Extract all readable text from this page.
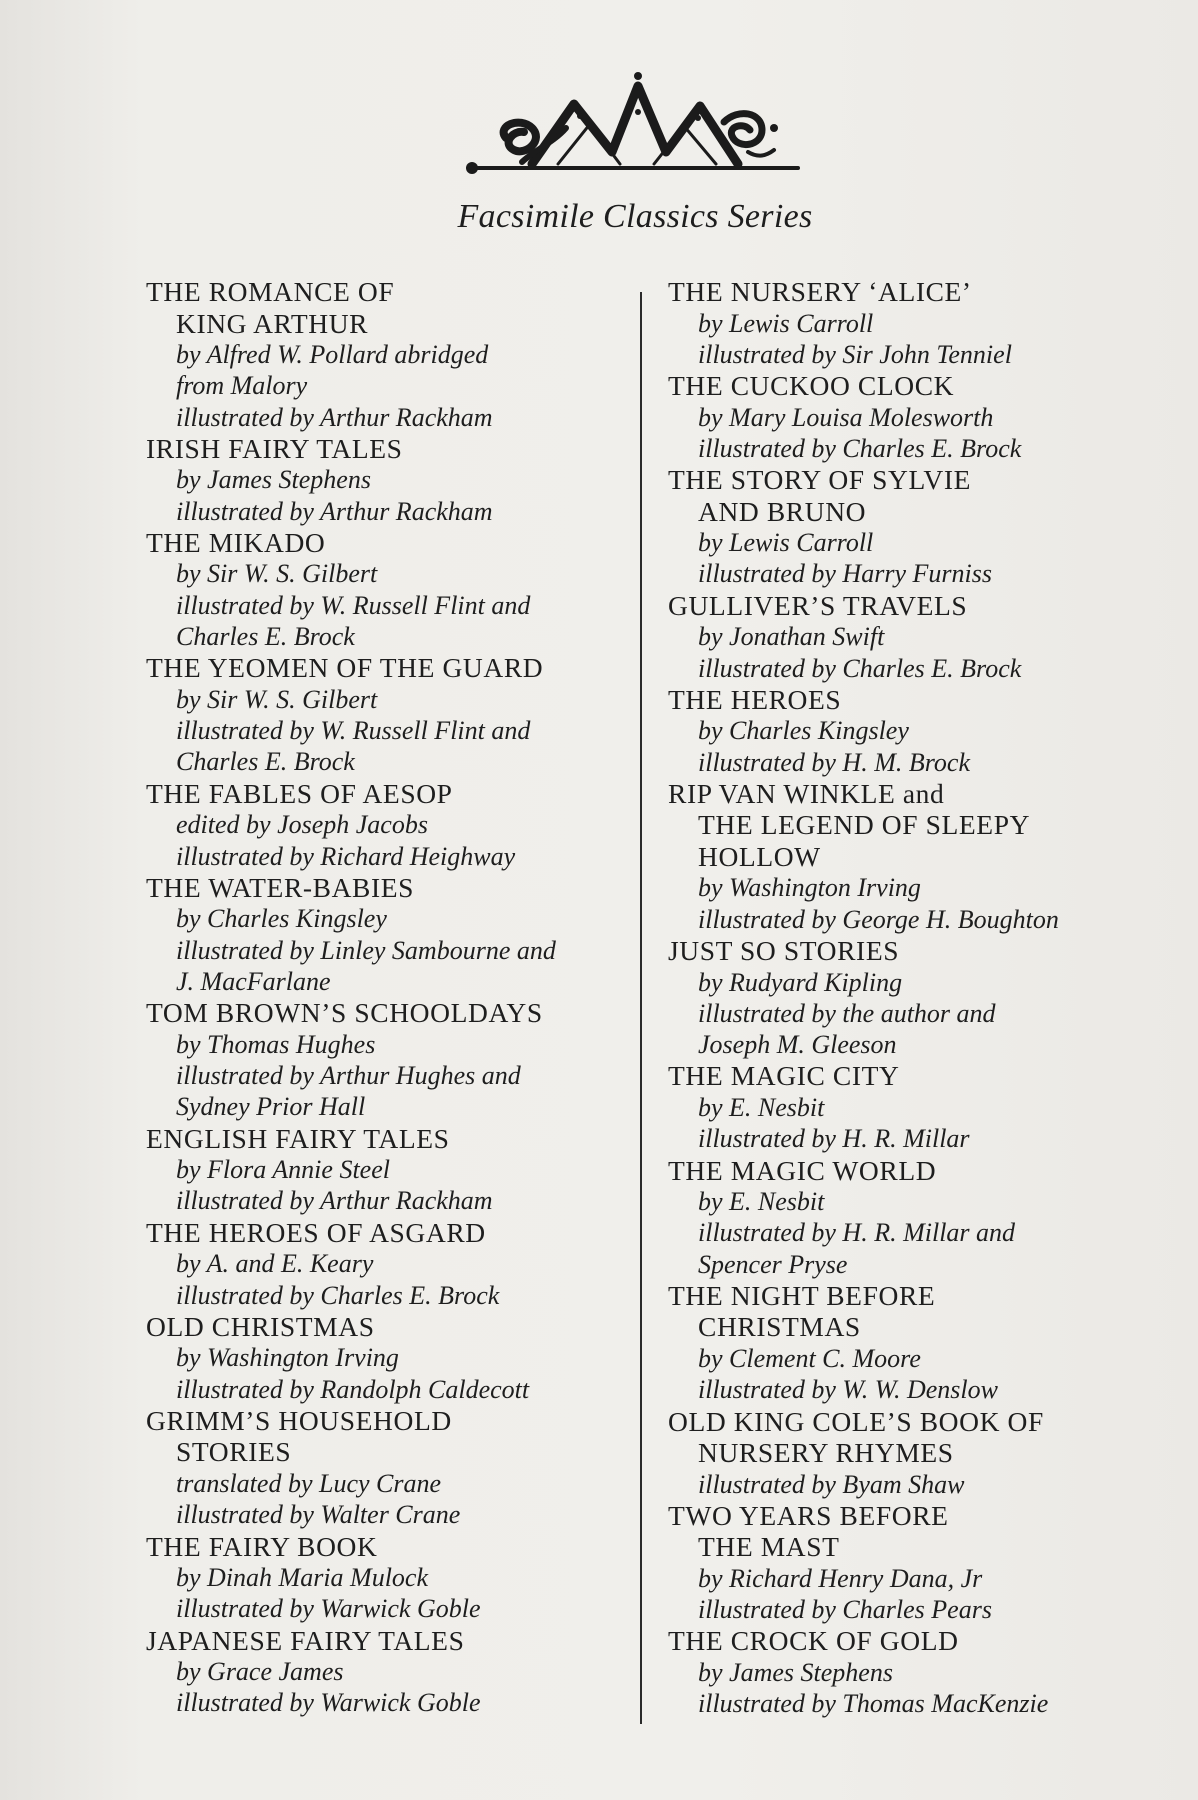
Facsimile Classics Series
THE ROMANCE OF
KING ARTHUR
by Alfred W. Pollard abridged
from Malory
illustrated by Arthur Rackham
IRISH FAIRY TALES
by James Stephens
illustrated by Arthur Rackham
THE MIKADO
by Sir W. S. Gilbert
illustrated by W. Russell Flint and
Charles E. Brock
THE YEOMEN OF THE GUARD
by Sir W. S. Gilbert
illustrated by W. Russell Flint and
Charles E. Brock
THE FABLES OF AESOP
edited by Joseph Jacobs
illustrated by Richard Heighway
THE WATER-BABIES
by Charles Kingsley
illustrated by Linley Sambourne and
J. MacFarlane
TOM BROWN’S SCHOOLDAYS
by Thomas Hughes
illustrated by Arthur Hughes and
Sydney Prior Hall
ENGLISH FAIRY TALES
by Flora Annie Steel
illustrated by Arthur Rackham
THE HEROES OF ASGARD
by A. and E. Keary
illustrated by Charles E. Brock
OLD CHRISTMAS
by Washington Irving
illustrated by Randolph Caldecott
GRIMM’S HOUSEHOLD
STORIES
translated by Lucy Crane
illustrated by Walter Crane
THE FAIRY BOOK
by Dinah Maria Mulock
illustrated by Warwick Goble
JAPANESE FAIRY TALES
by Grace James
illustrated by Warwick Goble
THE NURSERY ‘ALICE’
by Lewis Carroll
illustrated by Sir John Tenniel
THE CUCKOO CLOCK
by Mary Louisa Molesworth
illustrated by Charles E. Brock
THE STORY OF SYLVIE
AND BRUNO
by Lewis Carroll
illustrated by Harry Furniss
GULLIVER’S TRAVELS
by Jonathan Swift
illustrated by Charles E. Brock
THE HEROES
by Charles Kingsley
illustrated by H. M. Brock
RIP VAN WINKLE and
THE LEGEND OF SLEEPY
HOLLOW
by Washington Irving
illustrated by George H. Boughton
JUST SO STORIES
by Rudyard Kipling
illustrated by the author and
Joseph M. Gleeson
THE MAGIC CITY
by E. Nesbit
illustrated by H. R. Millar
THE MAGIC WORLD
by E. Nesbit
illustrated by H. R. Millar and
Spencer Pryse
THE NIGHT BEFORE
CHRISTMAS
by Clement C. Moore
illustrated by W. W. Denslow
OLD KING COLE’S BOOK OF
NURSERY RHYMES
illustrated by Byam Shaw
TWO YEARS BEFORE
THE MAST
by Richard Henry Dana, Jr
illustrated by Charles Pears
THE CROCK OF GOLD
by James Stephens
illustrated by Thomas MacKenzie
